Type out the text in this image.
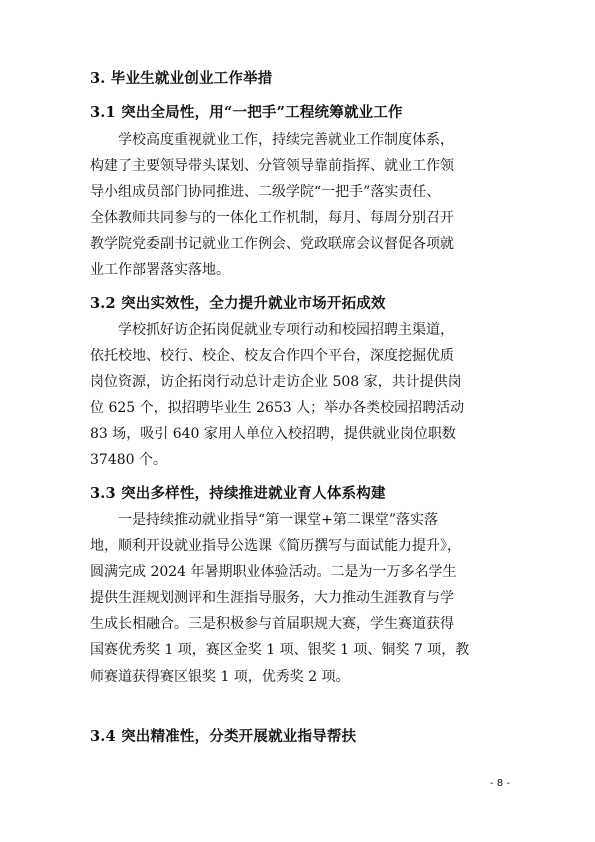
3. 毕业生就业创业工作举措
3.1 突出全局性，用“一把手”工程统筹就业工作
学校高度重视就业工作，持续完善就业工作制度体系，
构建了主要领导带头谋划、分管领导靠前指挥、就业工作领
导小组成员部门协同推进、二级学院“一把手”落实责任、
全体教师共同参与的一体化工作机制，每月、每周分别召开
教学院党委副书记就业工作例会、党政联席会议督促各项就
业工作部署落实落地。
3.2 突出实效性，全力提升就业市场开拓成效
学校抓好访企拓岗促就业专项行动和校园招聘主渠道，
依托校地、校行、校企、校友合作四个平台，深度挖掘优质
岗位资源，访企拓岗行动总计走访企业 508 家，共计提供岗
位 625 个，拟招聘毕业生 2653 人；举办各类校园招聘活动
83 场，吸引 640 家用人单位入校招聘，提供就业岗位职数
37480 个。
3.3 突出多样性，持续推进就业育人体系构建
一是持续推动就业指导“第一课堂+第二课堂”落实落
地，顺利开设就业指导公选课《简历撰写与面试能力提升》，
圆满完成 2024 年暑期职业体验活动。二是为一万多名学生
提供生涯规划测评和生涯指导服务，大力推动生涯教育与学
生成长相融合。三是积极参与首届职规大赛，学生赛道获得
国赛优秀奖 1 项，赛区金奖 1 项、银奖 1 项、铜奖 7 项，教
师赛道获得赛区银奖 1 项，优秀奖 2 项。
3.4 突出精准性，分类开展就业指导帮扶
- 8 -
